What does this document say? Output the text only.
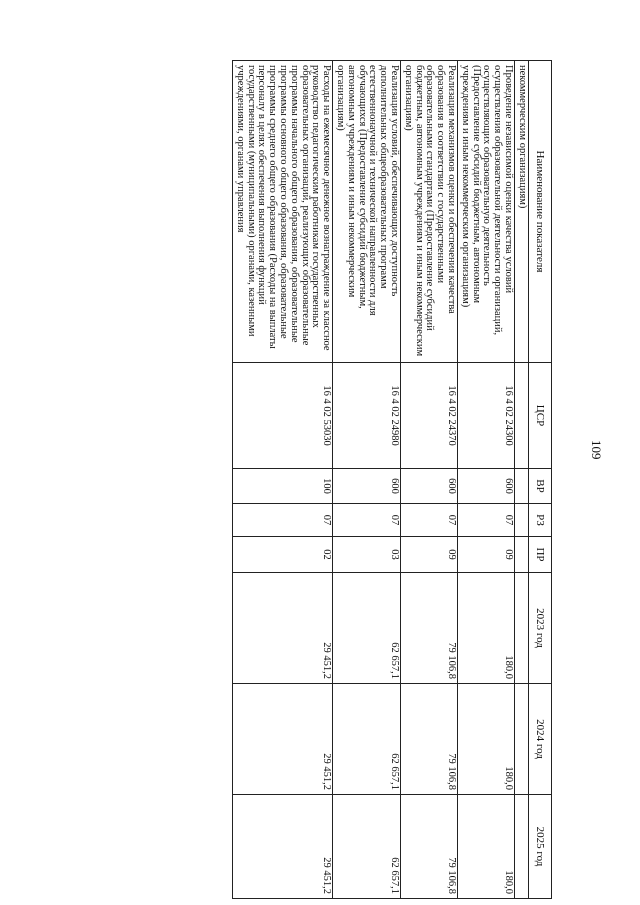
109
Наименование показателя	ЦСР	ВР	РЗ	ПР	2023 год	2024 год	2025 год
некоммерческим организациям)							
Проведение независимой оценки качества условий осуществления образовательной деятельности организаций, осуществляющих образовательную деятельность (Предоставление субсидий бюджетным, автономным учреждениям и иным некоммерческим организациям)	16 4 02 24300	600	07	09	180,0	180,0	180,0
Реализация механизмов оценки и обеспечения качества образования в соответствии с государственными образовательными стандартами (Предоставление субсидий бюджетным, автономным учреждениям и иным некоммерческим организациям)	16 4 02 24370	600	07	09	79 106,8	79 106,8	79 106,8
Реализация условий, обеспечивающих доступность дополнительных общеобразовательных программ естественнонаучной и технической направленности для обучающихся (Предоставление субсидий бюджетным, автономным учреждениям и иным некоммерческим организациям)	16 4 02 24980	600	07	03	62 657,1	62 657,1	62 657,1
Расходы на ежемесячное денежное вознаграждение за классное руководство педагогическим работникам государственных образовательных организаций, реализующих образовательные программы начального общего образования, образовательные программы основного общего образования, образовательные программы среднего общего образования (Расходы на выплаты персоналу в целях обеспечения выполнения функций государственными (муниципальными) органами, казенными учреждениями, органами управления	16 4 02 53030	100	07	02	29 451,2	29 451,2	29 451,2
